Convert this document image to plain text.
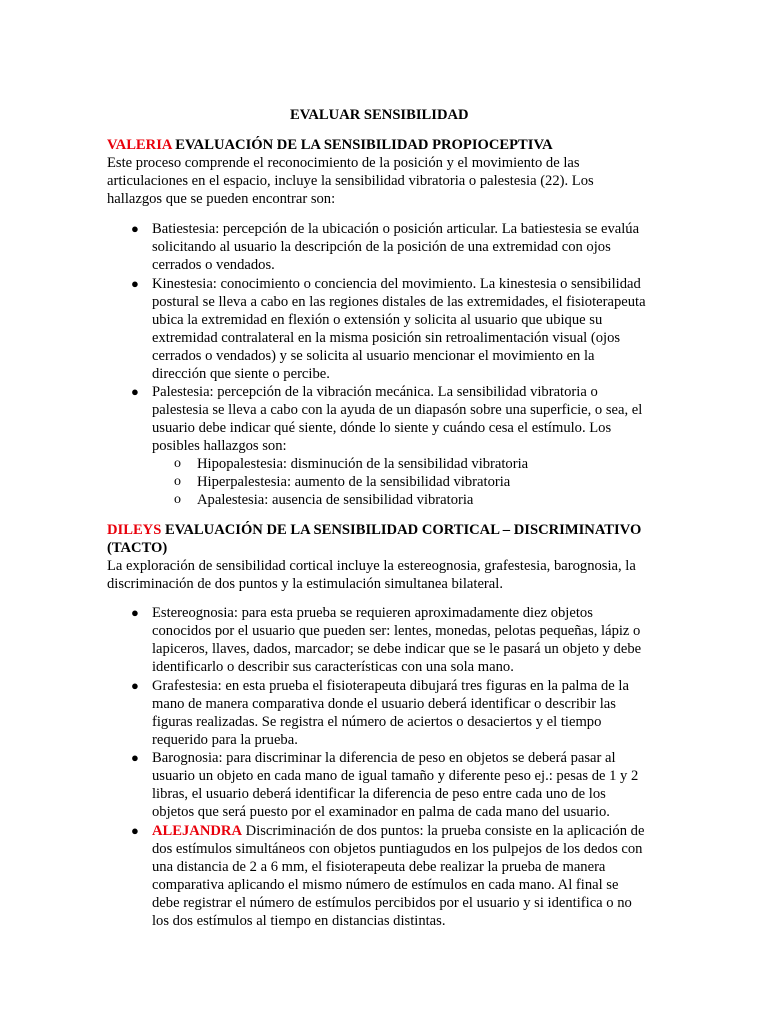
EVALUAR SENSIBILIDAD
VALERIA EVALUACIÓN DE LA SENSIBILIDAD PROPIOCEPTIVA
Este proceso comprende el reconocimiento de la posición y el movimiento de las
articulaciones en el espacio, incluye la sensibilidad vibratoria o palestesia (22). Los
hallazgos que se pueden encontrar son:
● Batiestesia: percepción de la ubicación o posición articular. La batiestesia se evalúa
solicitando al usuario la descripción de la posición de una extremidad con ojos
cerrados o vendados.
● Kinestesia: conocimiento o conciencia del movimiento. La kinestesia o sensibilidad
postural se lleva a cabo en las regiones distales de las extremidades, el fisioterapeuta
ubica la extremidad en flexión o extensión y solicita al usuario que ubique su
extremidad contralateral en la misma posición sin retroalimentación visual (ojos
cerrados o vendados) y se solicita al usuario mencionar el movimiento en la
dirección que siente o percibe.
● Palestesia: percepción de la vibración mecánica. La sensibilidad vibratoria o
palestesia se lleva a cabo con la ayuda de un diapasón sobre una superficie, o sea, el
usuario debe indicar qué siente, dónde lo siente y cuándo cesa el estímulo. Los
posibles hallazgos son:
o Hipopalestesia: disminución de la sensibilidad vibratoria
o Hiperpalestesia: aumento de la sensibilidad vibratoria
o Apalestesia: ausencia de sensibilidad vibratoria
DILEYS EVALUACIÓN DE LA SENSIBILIDAD CORTICAL – DISCRIMINATIVO
(TACTO)
La exploración de sensibilidad cortical incluye la estereognosia, grafestesia, barognosia, la
discriminación de dos puntos y la estimulación simultanea bilateral.
● Estereognosia: para esta prueba se requieren aproximadamente diez objetos
conocidos por el usuario que pueden ser: lentes, monedas, pelotas pequeñas, lápiz o
lapiceros, llaves, dados, marcador; se debe indicar que se le pasará un objeto y debe
identificarlo o describir sus características con una sola mano.
● Grafestesia: en esta prueba el fisioterapeuta dibujará tres figuras en la palma de la
mano de manera comparativa donde el usuario deberá identificar o describir las
figuras realizadas. Se registra el número de aciertos o desaciertos y el tiempo
requerido para la prueba.
● Barognosia: para discriminar la diferencia de peso en objetos se deberá pasar al
usuario un objeto en cada mano de igual tamaño y diferente peso ej.: pesas de 1 y 2
libras, el usuario deberá identificar la diferencia de peso entre cada uno de los
objetos que será puesto por el examinador en palma de cada mano del usuario.
● ALEJANDRA Discriminación de dos puntos: la prueba consiste en la aplicación de
dos estímulos simultáneos con objetos puntiagudos en los pulpejos de los dedos con
una distancia de 2 a 6 mm, el fisioterapeuta debe realizar la prueba de manera
comparativa aplicando el mismo número de estímulos en cada mano. Al final se
debe registrar el número de estímulos percibidos por el usuario y si identifica o no
los dos estímulos al tiempo en distancias distintas.
